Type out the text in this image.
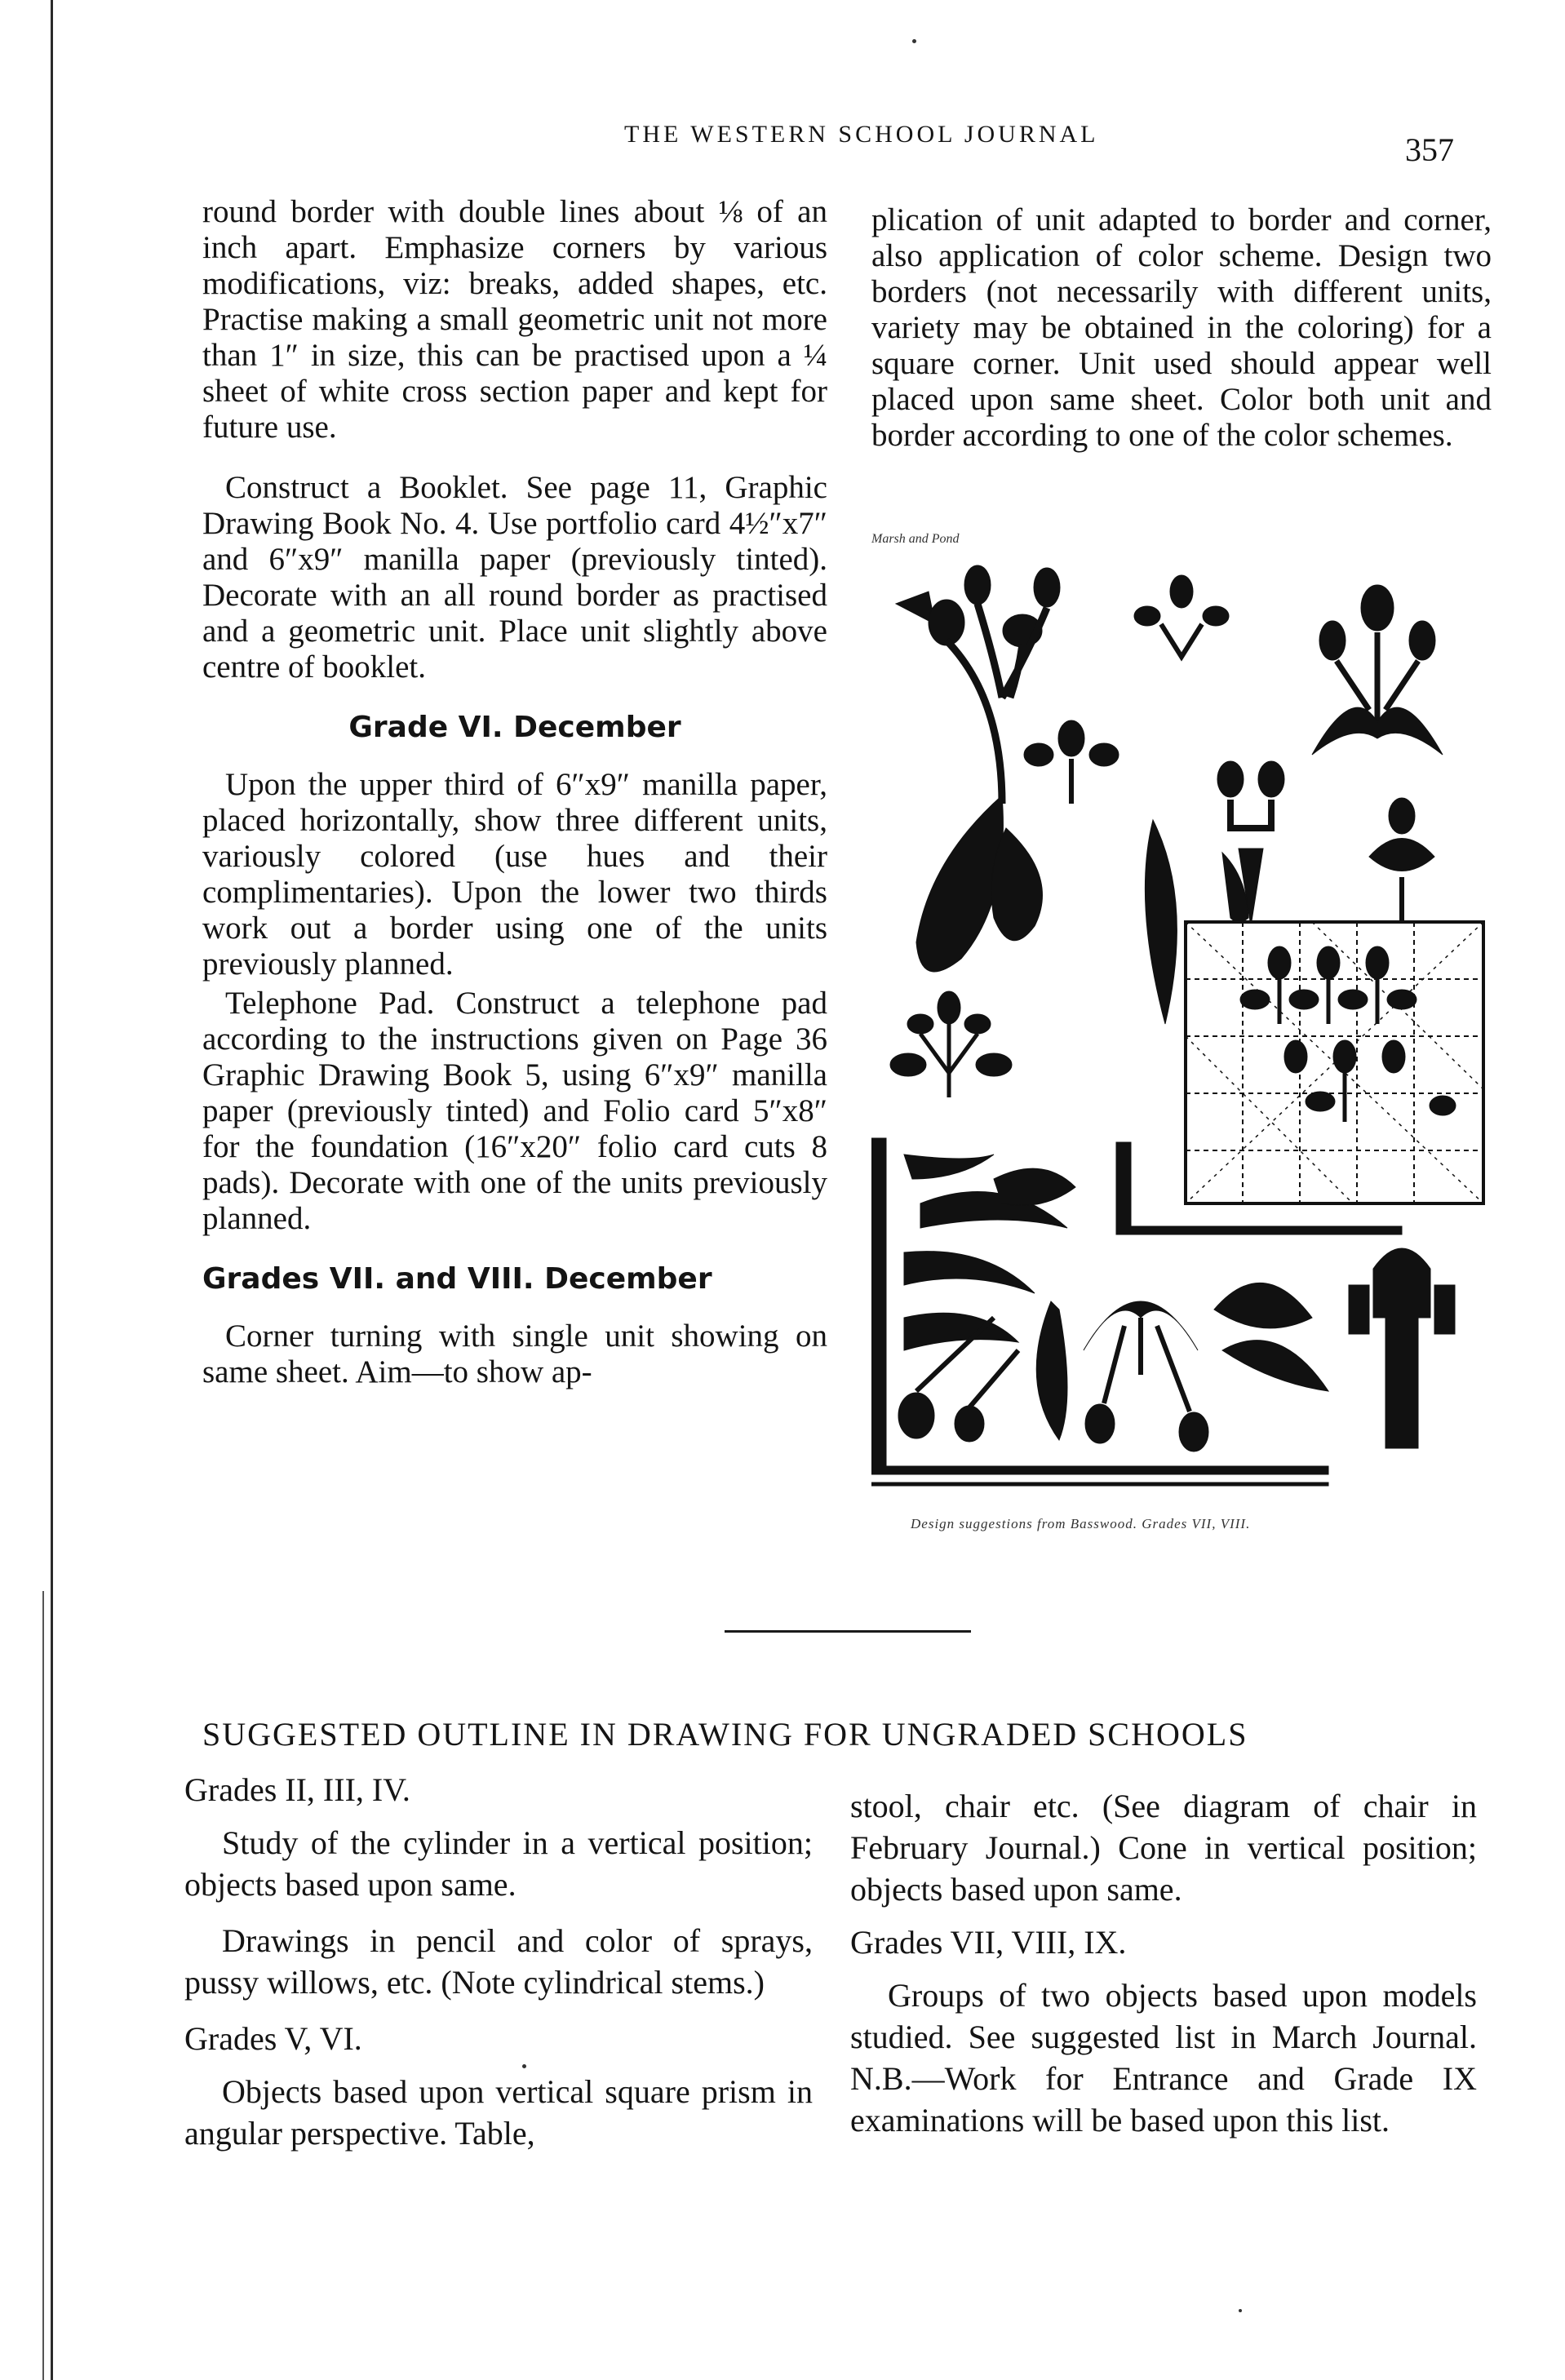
THE WESTERN SCHOOL JOURNAL	357

round border with double lines about ⅛ of an inch apart. Emphasize corners by various modifications, viz: breaks, added shapes, etc. Practise making a small geometric unit not more than 1″ in size, this can be practised upon a ¼ sheet of white cross section paper and kept for future use.

Construct a Booklet. See page 11, Graphic Drawing Book No. 4. Use portfolio card 4½″x7″ and 6″x9″ manilla paper (previously tinted). Decorate with an all round border as practised and a geometric unit. Place unit slightly above centre of booklet.

Grade VI. December

Upon the upper third of 6″x9″ manilla paper, placed horizontally, show three different units, variously colored (use hues and their complimentaries). Upon the lower two thirds work out a border using one of the units previously planned.

Telephone Pad. Construct a telephone pad according to the instructions given on Page 36 Graphic Drawing Book 5, using 6″x9″ manilla paper (previously tinted) and Folio card 5″x8″ for the foundation (16″x20″ folio card cuts 8 pads). Decorate with one of the units previously planned.

Grades VII. and VIII. December

Corner turning with single unit showing on same sheet. Aim—to show ap-

plication of unit adapted to border and corner, also application of color scheme. Design two borders (not necessarily with different units, variety may be obtained in the coloring) for a square corner. Unit used should appear well placed upon same sheet. Color both unit and border according to one of the color schemes.

Marsh and Pond
Design suggestions from Basswood. Grades VII, VIII.
SUGGESTED OUTLINE IN DRAWING FOR UNGRADED SCHOOLS

Grades II, III, IV.

Study of the cylinder in a vertical position; objects based upon same.

Drawings in pencil and color of sprays, pussy willows, etc. (Note cylindrical stems.)

Grades V, VI.

Objects based upon vertical square prism in angular perspective. Table,

stool, chair etc. (See diagram of chair in February Journal.) Cone in vertical position; objects based upon same.

Grades VII, VIII, IX.

Groups of two objects based upon models studied. See suggested list in March Journal. N.B.—Work for Entrance and Grade IX examinations will be based upon this list.
